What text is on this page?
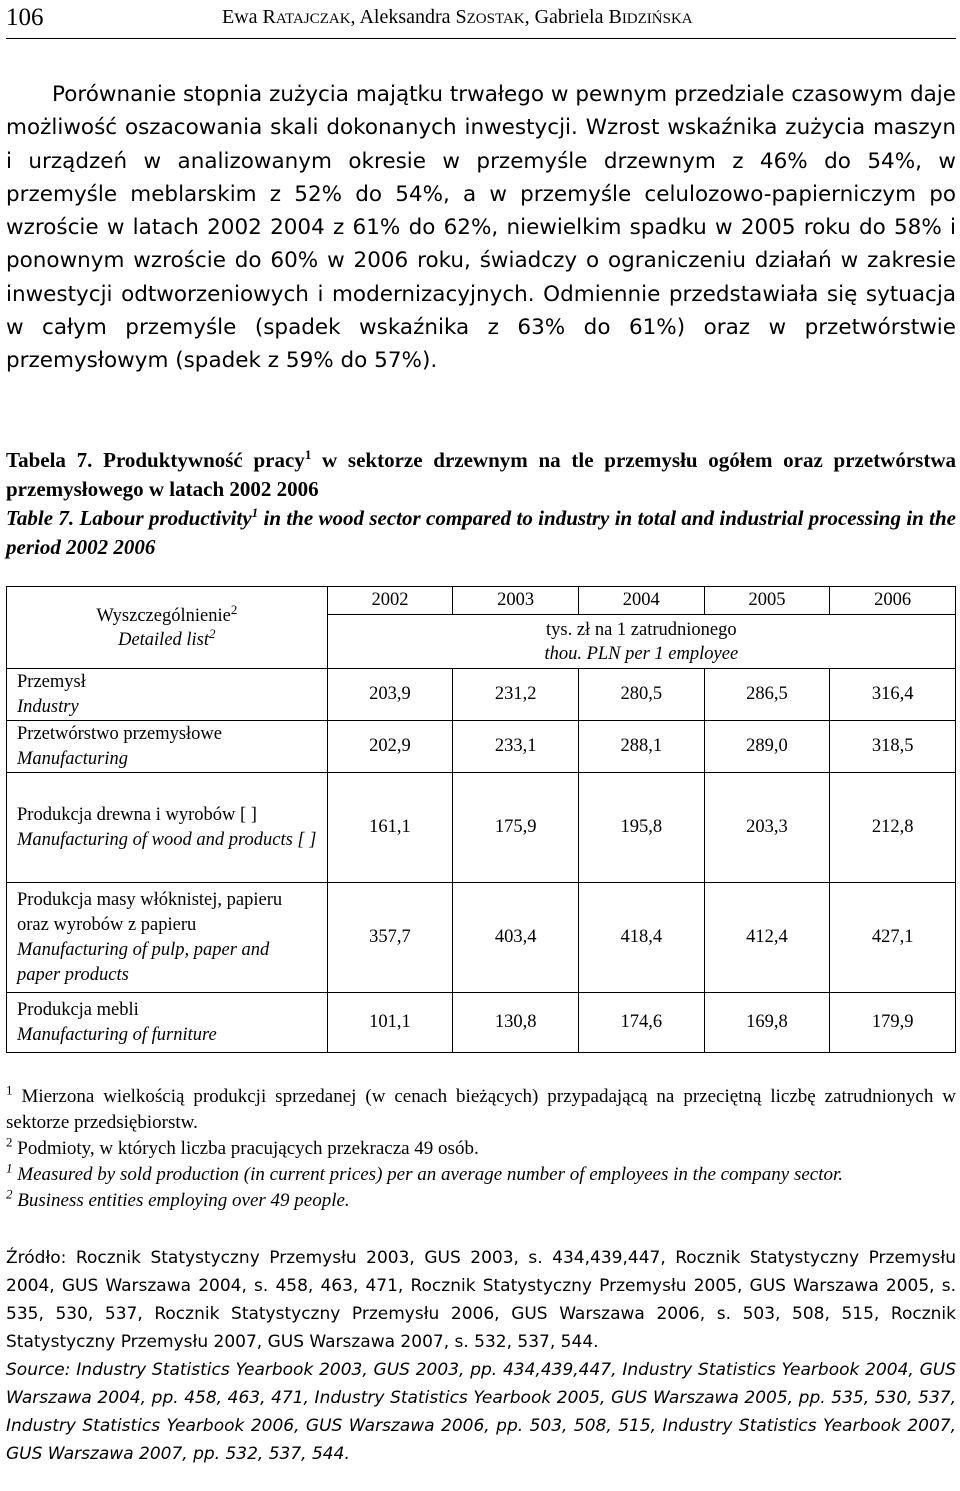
106	Ewa RATAJCZAK, Aleksandra SZOSTAK, Gabriela BIDZIŃSKA

Porównanie stopnia zużycia majątku trwałego w pewnym przedziale czasowym daje możliwość oszacowania skali dokonanych inwestycji. Wzrost wskaźnika zużycia maszyn i urządzeń w analizowanym okresie w przemyśle drzewnym z 46% do 54%, w przemyśle meblarskim z 52% do 54%, a w przemyśle celulozowo-papierniczym po wzroście w latach 2002 2004 z 61% do 62%, niewielkim spadku w 2005 roku do 58% i ponownym wzroście do 60% w 2006 roku, świadczy o ograniczeniu działań w zakresie inwestycji odtworzeniowych i modernizacyjnych. Odmiennie przedstawiała się sytuacja w całym przemyśle (spadek wskaźnika z 63% do 61%) oraz w przetwórstwie przemysłowym (spadek z 59% do 57%).

Tabela 7. Produktywność pracy$^1$ w sektorze drzewnym na tle przemysłu ogółem oraz przetwórstwa przemysłowego w latach 2002 2006
Table 7. Labour productivity$^1$ in the wood sector compared to industry in total and industrial processing in the period 2002 2006
Wyszczególnienie$^2$
Detailed list$^2$	2002	2003	2004	2005	2006
	tys. zł na 1 zatrudnionego
thou. PLN per 1 employee				
Przemysł
Industry	203,9	231,2	280,5	286,5	316,4
Przetwórstwo przemysłowe
Manufacturing	202,9	233,1	288,1	289,0	318,5
Produkcja drewna i wyrobów [ ]
Manufacturing of wood and products [ ]	161,1	175,9	195,8	203,3	212,8
Produkcja masy włóknistej, papieru oraz wyrobów z papieru
Manufacturing of pulp, paper and paper products	357,7	403,4	418,4	412,4	427,1
Produkcja mebli
Manufacturing of furniture	101,1	130,8	174,6	169,8	179,9

$^1$ Mierzona wielkością produkcji sprzedanej (w cenach bieżących) przypadającą na przeciętną liczbę zatrudnionych w sektorze przedsiębiorstw.

$^2$ Podmioty, w których liczba pracujących przekracza 49 osób.

$^1$ Measured by sold production (in current prices) per an average number of employees in the company sector.

$^2$ Business entities employing over 49 people.

Źródło: Rocznik Statystyczny Przemysłu 2003, GUS 2003, s. 434,439,447, Rocznik Statystyczny Przemysłu 2004, GUS Warszawa 2004, s. 458, 463, 471, Rocznik Statystyczny Przemysłu 2005, GUS Warszawa 2005, s. 535, 530, 537, Rocznik Statystyczny Przemysłu 2006, GUS Warszawa 2006, s. 503, 508, 515, Rocznik Statystyczny Przemysłu 2007, GUS Warszawa 2007, s. 532, 537, 544.

Source: Industry Statistics Yearbook 2003, GUS 2003, pp. 434,439,447, Industry Statistics Yearbook 2004, GUS Warszawa 2004, pp. 458, 463, 471, Industry Statistics Yearbook 2005, GUS Warszawa 2005, pp. 535, 530, 537, Industry Statistics Yearbook 2006, GUS Warszawa 2006, pp. 503, 508, 515, Industry Statistics Yearbook 2007, GUS Warszawa 2007, pp. 532, 537, 544.
